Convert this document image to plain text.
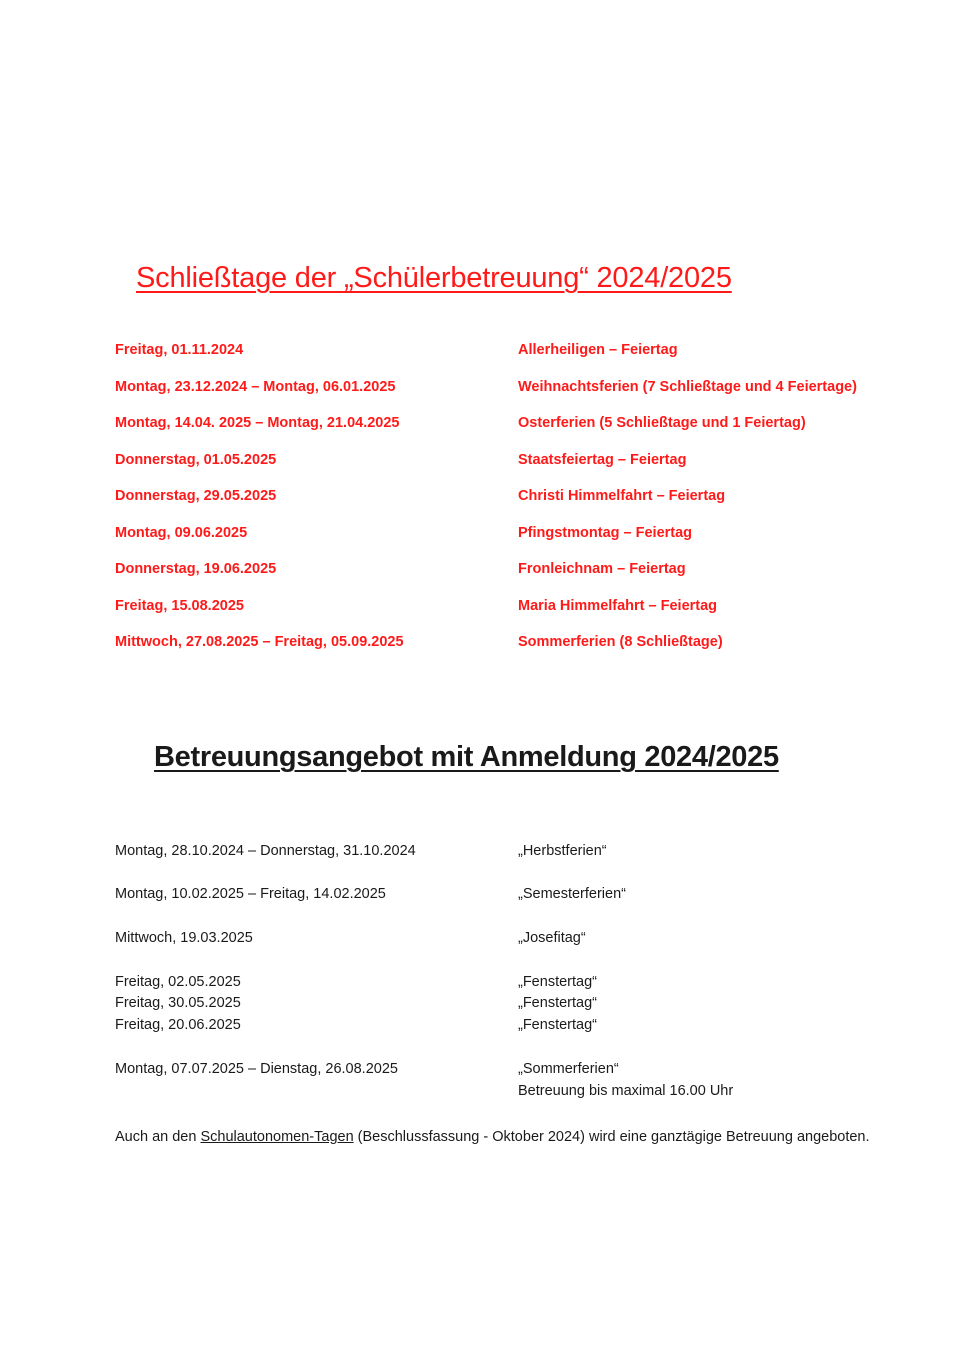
Schließtage der „Schülerbetreuung“ 2024/2025
Freitag, 01.11.2024	Allerheiligen – Feiertag
Montag, 23.12.2024 – Montag, 06.01.2025	Weihnachtsferien (7 Schließtage und 4 Feiertage)
Montag, 14.04. 2025 – Montag, 21.04.2025	Osterferien (5 Schließtage und 1 Feiertag)
Donnerstag, 01.05.2025	Staatsfeiertag – Feiertag
Donnerstag, 29.05.2025	Christi Himmelfahrt – Feiertag
Montag, 09.06.2025	Pfingstmontag – Feiertag
Donnerstag, 19.06.2025	Fronleichnam – Feiertag
Freitag, 15.08.2025	Maria Himmelfahrt – Feiertag
Mittwoch, 27.08.2025 – Freitag, 05.09.2025	Sommerferien (8 Schließtage)
Betreuungsangebot mit Anmeldung 2024/2025
Montag, 28.10.2024 – Donnerstag, 31.10.2024	„Herbstferien“
Montag, 10.02.2025 – Freitag, 14.02.2025	„Semesterferien“
Mittwoch, 19.03.2025	„Josefitag“
Freitag, 02.05.2025	„Fenstertag“
Freitag, 30.05.2025	„Fenstertag“
Freitag, 20.06.2025	„Fenstertag“
Montag, 07.07.2025 – Dienstag, 26.08.2025	„Sommerferien“
Betreuung bis maximal 16.00 Uhr
Auch an den Schulautonomen-Tagen (Beschlussfassung - Oktober 2024) wird eine ganztägige Betreuung angeboten.
